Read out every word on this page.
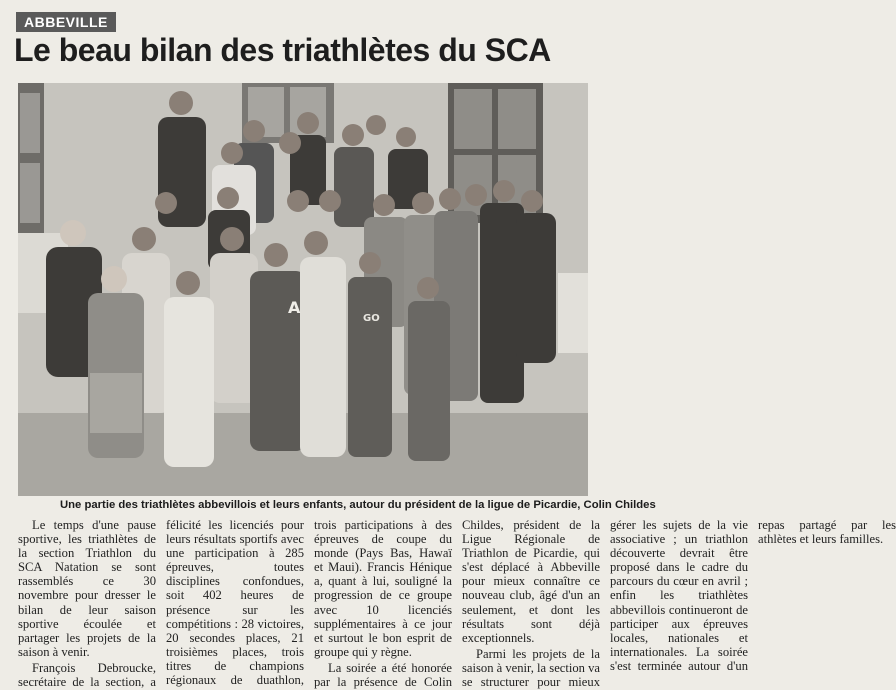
ABBEVILLE
Le beau bilan des triathlètes du SCA
A
GO
Une partie des triathlètes abbevillois et leurs enfants, autour du président de la ligue de Picardie, Colin Childes

Le temps d'une pause sportive, les triathlètes de la section Triathlon du SCA Natation se sont rassemblés ce 30 novembre pour dresser le bilan de leur saison sportive écoulée et partager les projets de la saison à venir.

François Debroucke, secrétaire de la section, a félicité les licenciés pour leurs résultats sportifs avec une participation à 285 épreuves, toutes disciplines confondues, soit 402 heures de présence sur les compétitions : 28 victoires, 20 secondes places, 21 troisièmes places, trois titres de champions régionaux de duathlon, trois participations à des épreuves de coupe du monde (Pays Bas, Hawaï et Maui). Francis Hénique a, quant à lui, souligné la progression de ce groupe avec 10 licenciés supplémentaires à ce jour et surtout le bon esprit de groupe qui y règne.

La soirée a été honorée par la présence de Colin Childes, président de la Ligue Régionale de Triathlon de Picardie, qui s'est déplacé à Abbeville pour mieux connaître ce nouveau club, âgé d'un an seulement, et dont les résultats sont déjà exceptionnels.

Parmi les projets de la saison à venir, la section va se structurer pour mieux gérer les sujets de la vie associative ; un triathlon découverte devrait être proposé dans le cadre du parcours du cœur en avril ; enfin les triathlètes abbevillois continueront de participer aux épreuves locales, nationales et internationales. La soirée s'est terminée autour d'un repas partagé par les athlètes et leurs familles.
